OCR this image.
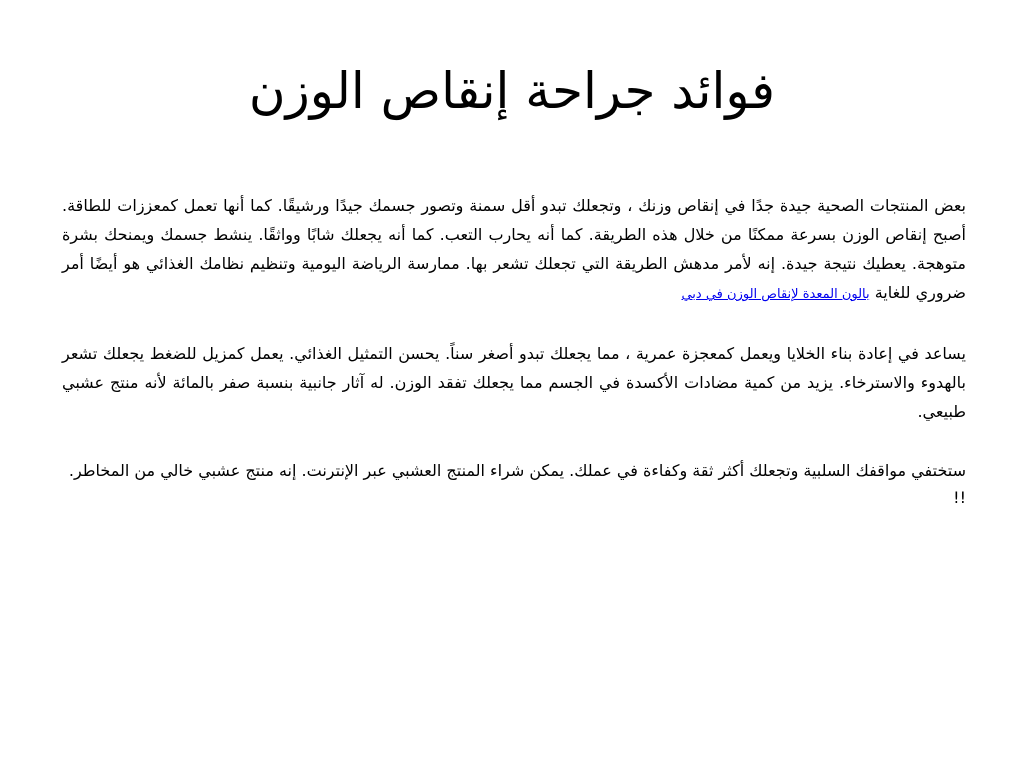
فوائد جراحة إنقاص الوزن

بعض المنتجات الصحية جيدة جدًا في إنقاص وزنك ، وتجعلك تبدو أقل سمنة وتصور جسمك جيدًا ورشيقًا. كما أنها تعمل كمعززات للطاقة. أصبح إنقاص الوزن بسرعة ممكنًا من خلال هذه الطريقة. كما أنه يحارب التعب. كما أنه يجعلك شابًا وواثقًا. ينشط جسمك ويمنحك بشرة متوهجة. يعطيك نتيجة جيدة. إنه لأمر مدهش الطريقة التي تجعلك تشعر بها. ممارسة الرياضة اليومية وتنظيم نظامك الغذائي هو أيضًا أمر ضروري للغاية بالون المعدة لإنقاص الوزن في دبي

يساعد في إعادة بناء الخلايا ويعمل كمعجزة عمرية ، مما يجعلك تبدو أصغر سناً. يحسن التمثيل الغذائي. يعمل كمزيل للضغط يجعلك تشعر بالهدوء والاسترخاء. يزيد من كمية مضادات الأكسدة في الجسم مما يجعلك تفقد الوزن. له آثار جانبية بنسبة صفر بالمائة لأنه منتج عشبي طبيعي.

ستختفي مواقفك السلبية وتجعلك أكثر ثقة وكفاءة في عملك. يمكن شراء المنتج العشبي عبر الإنترنت. إنه منتج عشبي خالي من المخاطر.

!!
